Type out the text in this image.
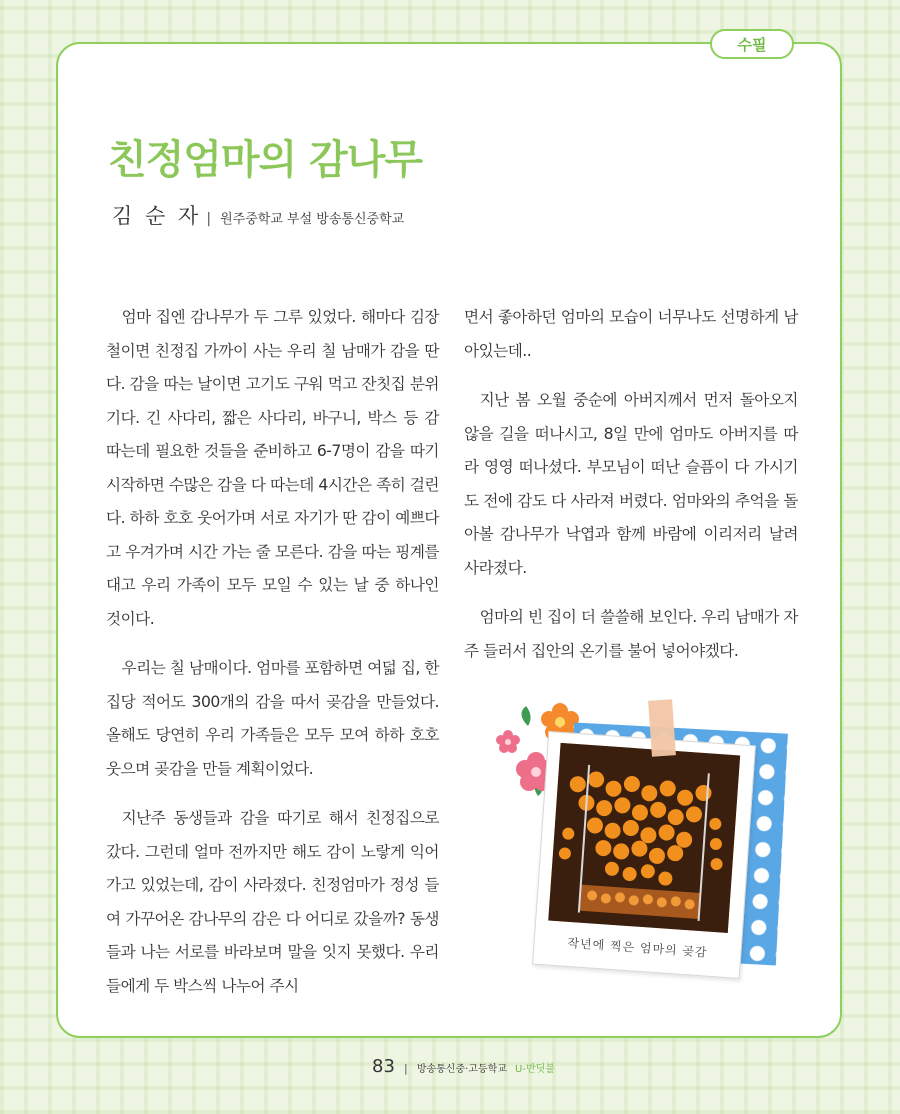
수필
친정엄마의 감나무
김 순 자 | 원주중학교 부설 방송통신중학교

엄마 집엔 감나무가 두 그루 있었다. 해마다 김장철이면 친정집 가까이 사는 우리 칠 남매가 감을 딴다. 감을 따는 날이면 고기도 구워 먹고 잔칫집 분위기다. 긴 사다리, 짧은 사다리, 바구니, 박스 등 감 따는데 필요한 것들을 준비하고 6-7명이 감을 따기 시작하면 수많은 감을 다 따는데 4시간은 족히 걸린다. 하하 호호 웃어가며 서로 자기가 딴 감이 예쁘다고 우겨가며 시간 가는 줄 모른다. 감을 따는 핑계를 대고 우리 가족이 모두 모일 수 있는 날 중 하나인 것이다.

우리는 칠 남매이다. 엄마를 포함하면 여덟 집, 한 집당 적어도 300개의 감을 따서 곶감을 만들었다. 올해도 당연히 우리 가족들은 모두 모여 하하 호호 웃으며 곶감을 만들 계획이었다.

지난주 동생들과 감을 따기로 해서 친정집으로 갔다. 그런데 얼마 전까지만 해도 감이 노랗게 익어가고 있었는데, 감이 사라졌다. 친정엄마가 정성 들여 가꾸어온 감나무의 감은 다 어디로 갔을까? 동생들과 나는 서로를 바라보며 말을 잇지 못했다. 우리들에게 두 박스씩 나누어 주시

면서 좋아하던 엄마의 모습이 너무나도 선명하게 남아있는데..

지난 봄 오월 중순에 아버지께서 먼저 돌아오지 않을 길을 떠나시고, 8일 만에 엄마도 아버지를 따라 영영 떠나셨다. 부모님이 떠난 슬픔이 다 가시기도 전에 감도 다 사라져 버렸다. 엄마와의 추억을 돌아볼 감나무가 낙엽과 함께 바람에 이리저리 날려 사라졌다.

엄마의 빈 집이 더 쓸쓸해 보인다. 우리 남매가 자주 들러서 집안의 온기를 불어 넣어야겠다.

작년에 찍은 엄마의 곶감
83 | 방송통신중·고등학교 U-반딧불
